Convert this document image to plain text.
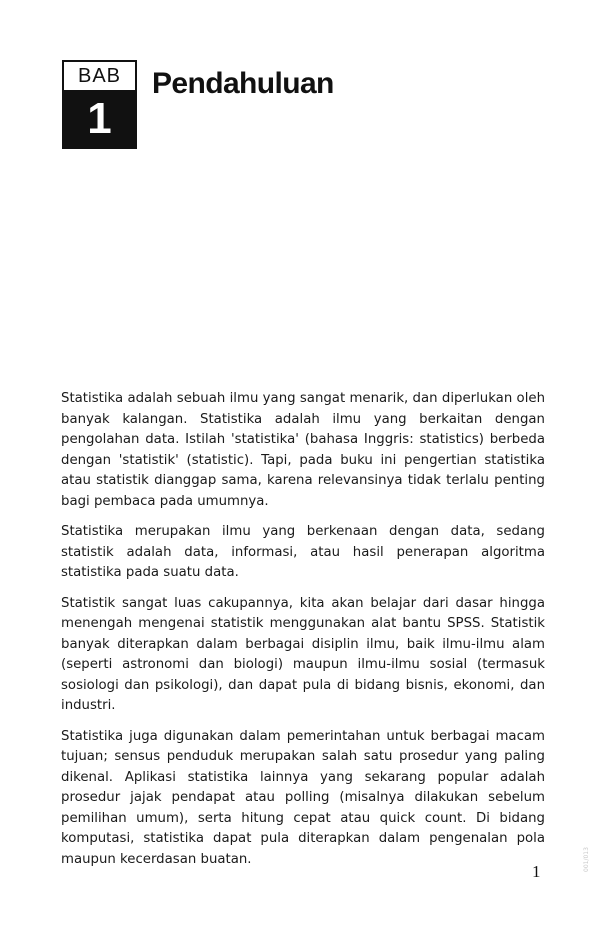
BAB
1
Pendahuluan

Statistika adalah sebuah ilmu yang sangat menarik, dan diperlukan oleh banyak kalangan. Statistika adalah ilmu yang berkaitan dengan pengolahan data. Istilah 'statistika' (bahasa Inggris: statistics) berbeda dengan 'statistik' (statistic). Tapi, pada buku ini pengertian statistika atau statistik dianggap sama, karena relevansinya tidak terlalu penting bagi pembaca pada umumnya.

Statistika merupakan ilmu yang berkenaan dengan data, sedang statistik adalah data, informasi, atau hasil penerapan algoritma statistika pada suatu data.

Statistik sangat luas cakupannya, kita akan belajar dari dasar hingga menengah mengenai statistik menggunakan alat bantu SPSS. Statistik banyak diterapkan dalam berbagai disiplin ilmu, baik ilmu-ilmu alam (seperti astronomi dan biologi) maupun ilmu-ilmu sosial (termasuk sosiologi dan psikologi), dan dapat pula di bidang bisnis, ekonomi, dan industri.

Statistika juga digunakan dalam pemerintahan untuk berbagai macam tujuan; sensus penduduk merupakan salah satu prosedur yang paling dikenal. Aplikasi statistika lainnya yang sekarang popular adalah prosedur jajak pendapat atau polling (misalnya dilakukan sebelum pemilihan umum), serta hitung cepat atau quick count. Di bidang komputasi, statistika dapat pula diterapkan dalam pengenalan pola maupun kecerdasan buatan.

1	001/013
